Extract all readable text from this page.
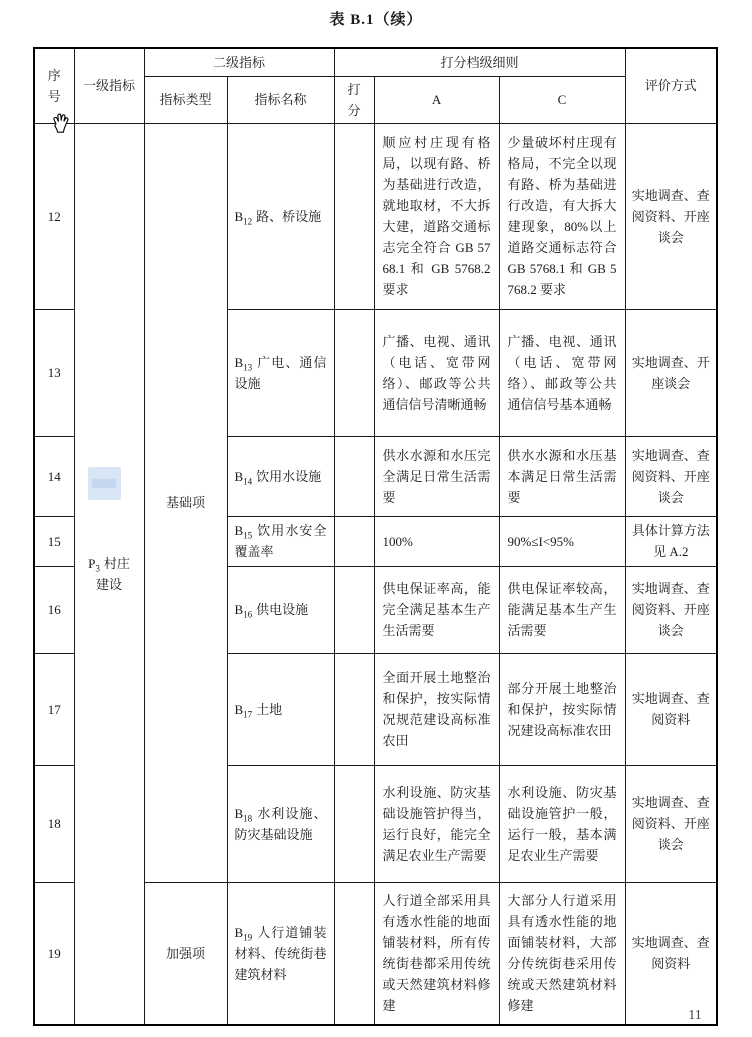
表 B.1（续）
序号	一级指标	二级指标		打分档级细则			评价方式
		指标类型	指标名称	打分	A	C	
12	$P_3$ 村庄建设	基础项	$B_{12}$ 路、桥设施		顺应村庄现有格局，以现有路、桥为基础进行改造，就地取材，不大拆大建，道路交通标志完全符合 GB 5768.1 和 GB 5768.2 要求	少量破坏村庄现有格局，不完全以现有路、桥为基础进行改造，有大拆大建现象，80%以上道路交通标志符合 GB 5768.1 和 GB 5768.2 要求	实地调查、查阅资料、开座谈会
13			$B_{13}$ 广电、通信设施		广播、电视、通讯（电话、宽带网络）、邮政等公共通信信号清晰通畅	广播、电视、通讯（电话、宽带网络）、邮政等公共通信信号基本通畅	实地调查、开座谈会
14			$B_{14}$ 饮用水设施		供水水源和水压完全满足日常生活需要	供水水源和水压基本满足日常生活需要	实地调查、查阅资料、开座谈会
15			$B_{15}$ 饮用水安全覆盖率		100%	90%≤I<95%	具体计算方法见 A.2
16			$B_{16}$ 供电设施		供电保证率高，能完全满足基本生产生活需要	供电保证率较高，能满足基本生产生活需要	实地调查、查阅资料、开座谈会
17			$B_{17}$ 土地		全面开展土地整治和保护，按实际情况规范建设高标准农田	部分开展土地整治和保护，按实际情况建设高标准农田	实地调查、查阅资料
18			$B_{18}$ 水利设施、防灾基础设施		水利设施、防灾基础设施管护得当，运行良好，能完全满足农业生产需要	水利设施、防灾基础设施管护一般，运行一般，基本满足农业生产需要	实地调查、查阅资料、开座谈会
19		加强项	$B_{19}$ 人行道铺装材料、传统街巷建筑材料		人行道全部采用具有透水性能的地面铺装材料，所有传统街巷都采用传统或天然建筑材料修建	大部分人行道采用具有透水性能的地面铺装材料，大部分传统街巷采用传统或天然建筑材料修建	实地调查、查阅资料
11
